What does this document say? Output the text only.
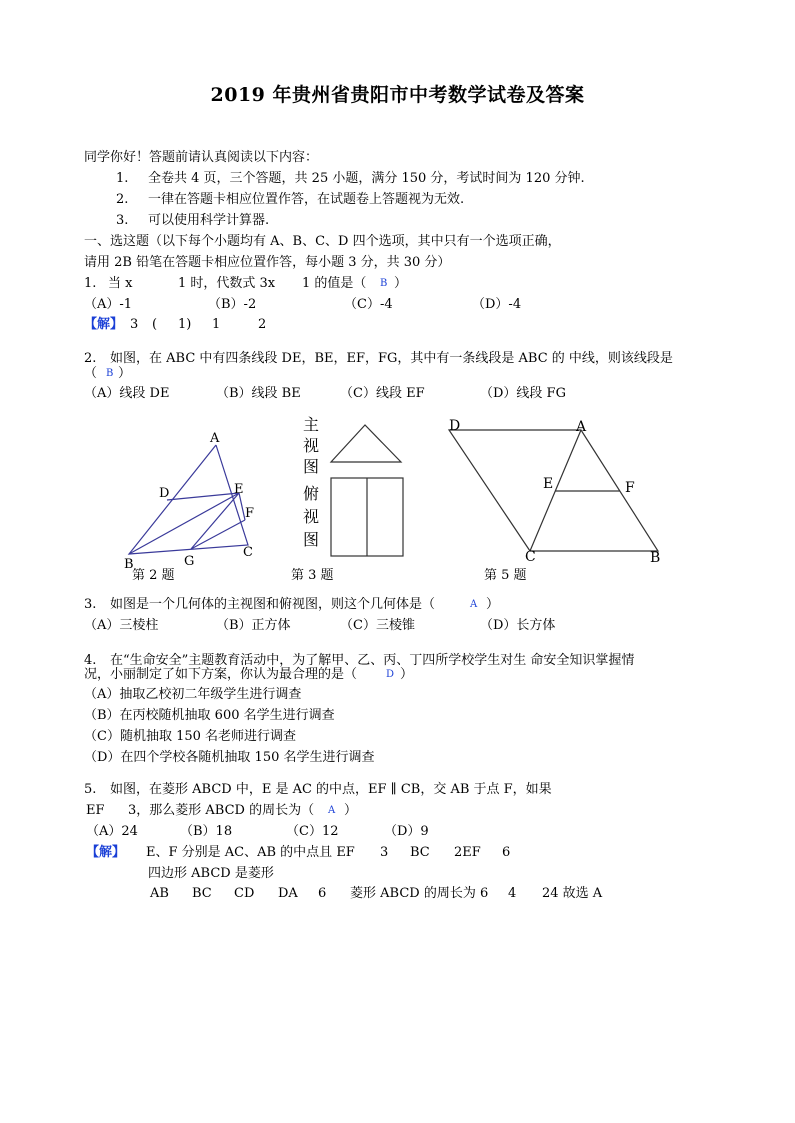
2019 年贵州省贵阳市中考数学试卷及答案
同学你好！答题前请认真阅读以下内容：
1. 全卷共 4 页，三个答题，共 25 小题，满分 150 分，考试时间为 120 分钟.
2. 一律在答题卡相应位置作答，在试题卷上答题视为无效.
3. 可以使用科学计算器.
一、选这题（以下每个小题均有 A、B、C、D 四个选项，其中只有一个选项正确，
请用 2B 铅笔在答题卡相应位置作答，每小题 3 分，共 30 分）
1. 当 x	1 时，代数式 3x 1 的值是（ B ）
（A）-1	（B）-2	（C）-4	（D）-4
【解】 3 ( 1) 1	2
2. 如图，在 ABC 中有四条线段 DE，BE，EF，FG，其中有一条线段是 ABC 的 中线，则该线段是
（ B ）
（A）线段 DE	（B）线段 BE	（C）线段 EF	（D）线段 FG
A
D	E
F
B	G
C
第 2 题
主
视
图
俯
视
图
第 3 题
D	A
E	F
C	B
第 5 题
3. 如图是一个几何体的主视图和俯视图，则这个几何体是（	A ）
（A）三棱柱	（B）正方体	（C）三棱锥	（D）长方体
4. 在“生命安全”主题教育活动中，为了解甲、乙、丙、丁四所学校学生对生 命安全知识掌握情
况，小丽制定了如下方案，你认为最合理的是（	D ）
（A）抽取乙校初二年级学生进行调查
（B）在丙校随机抽取 600 名学生进行调查
（C）随机抽取 150 名老师进行调查
（D）在四个学校各随机抽取 150 名学生进行调查
5. 如图，在菱形 ABCD 中，E 是 AC 的中点，EF ∥ CB，交 AB 于点 F，如果
EF 3，那么菱形 ABCD 的周长为（ A ）
（A）24	（B）18	（C）12	（D）9
【解】 E、F 分别是 AC、AB 的中点且 EF 3 BC 2EF 6
四边形 ABCD 是菱形
AB BC CD DA 6 菱形 ABCD 的周长为 6 4 24 故选 A
